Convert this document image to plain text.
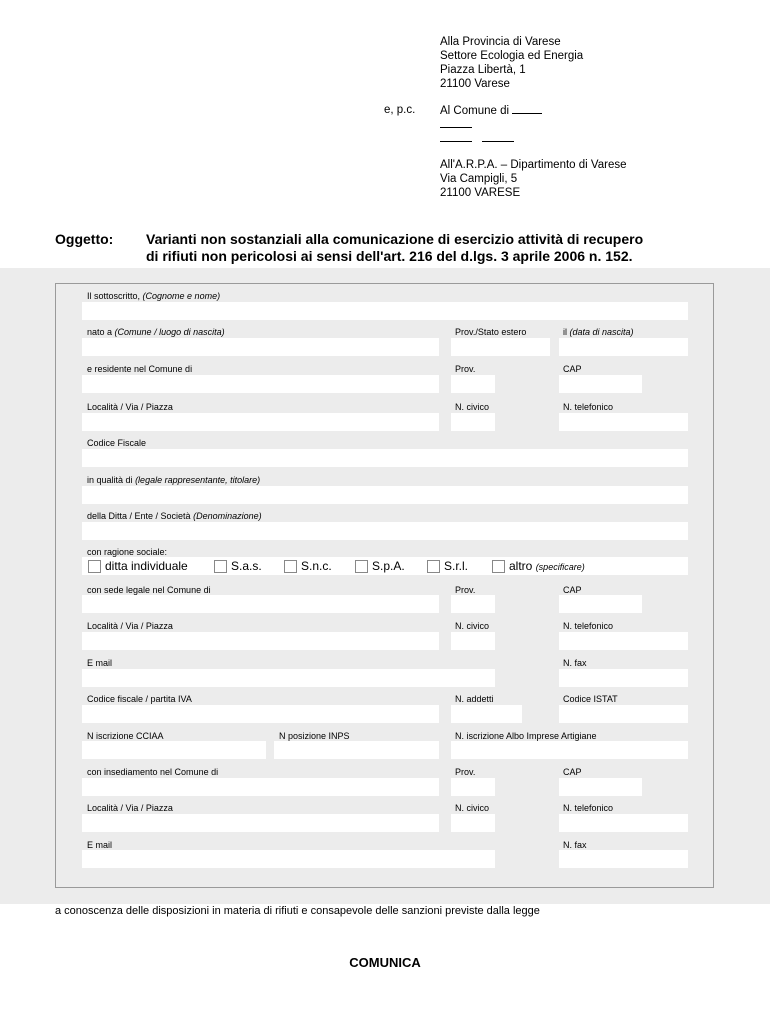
Alla Provincia di Varese
Settore Ecologia ed Energia
Piazza Libertà, 1
21100 Varese
e, p.c. Al Comune di

All'A.R.P.A. – Dipartimento di Varese
Via Campigli, 5
21100 VARESE
Oggetto: Varianti non sostanziali alla comunicazione di esercizio attività di recupero
di rifiuti non pericolosi ai sensi dell'art. 216 del d.lgs. 3 aprile 2006 n. 152.
Il sottoscritto, (Cognome e nome)
nato a (Comune / luogo di nascita)	Prov./Stato estero	il (data di nascita)
e residente nel Comune di	Prov.	CAP
Località / Via / Piazza	N. civico	N. telefonico
Codice Fiscale
in qualità di (legale rappresentante, titolare)
della Ditta / Ente / Società (Denominazione)
con ragione sociale:
ditta individuale	S.a.s.	S.n.c.	S.p.A.	S.r.l.	altro (specificare)
con sede legale nel Comune di	Prov.	CAP
Località / Via / Piazza	N. civico	N. telefonico
E mail	N. fax
Codice fiscale / partita IVA	N. addetti	Codice ISTAT
N iscrizione CCIAA	N posizione INPS	N. iscrizione Albo Imprese Artigiane
con insediamento nel Comune di	Prov.	CAP
Località / Via / Piazza	N. civico	N. telefonico
E mail	N. fax
a conoscenza delle disposizioni in materia di rifiuti e consapevole delle sanzioni previste dalla legge
COMUNICA
